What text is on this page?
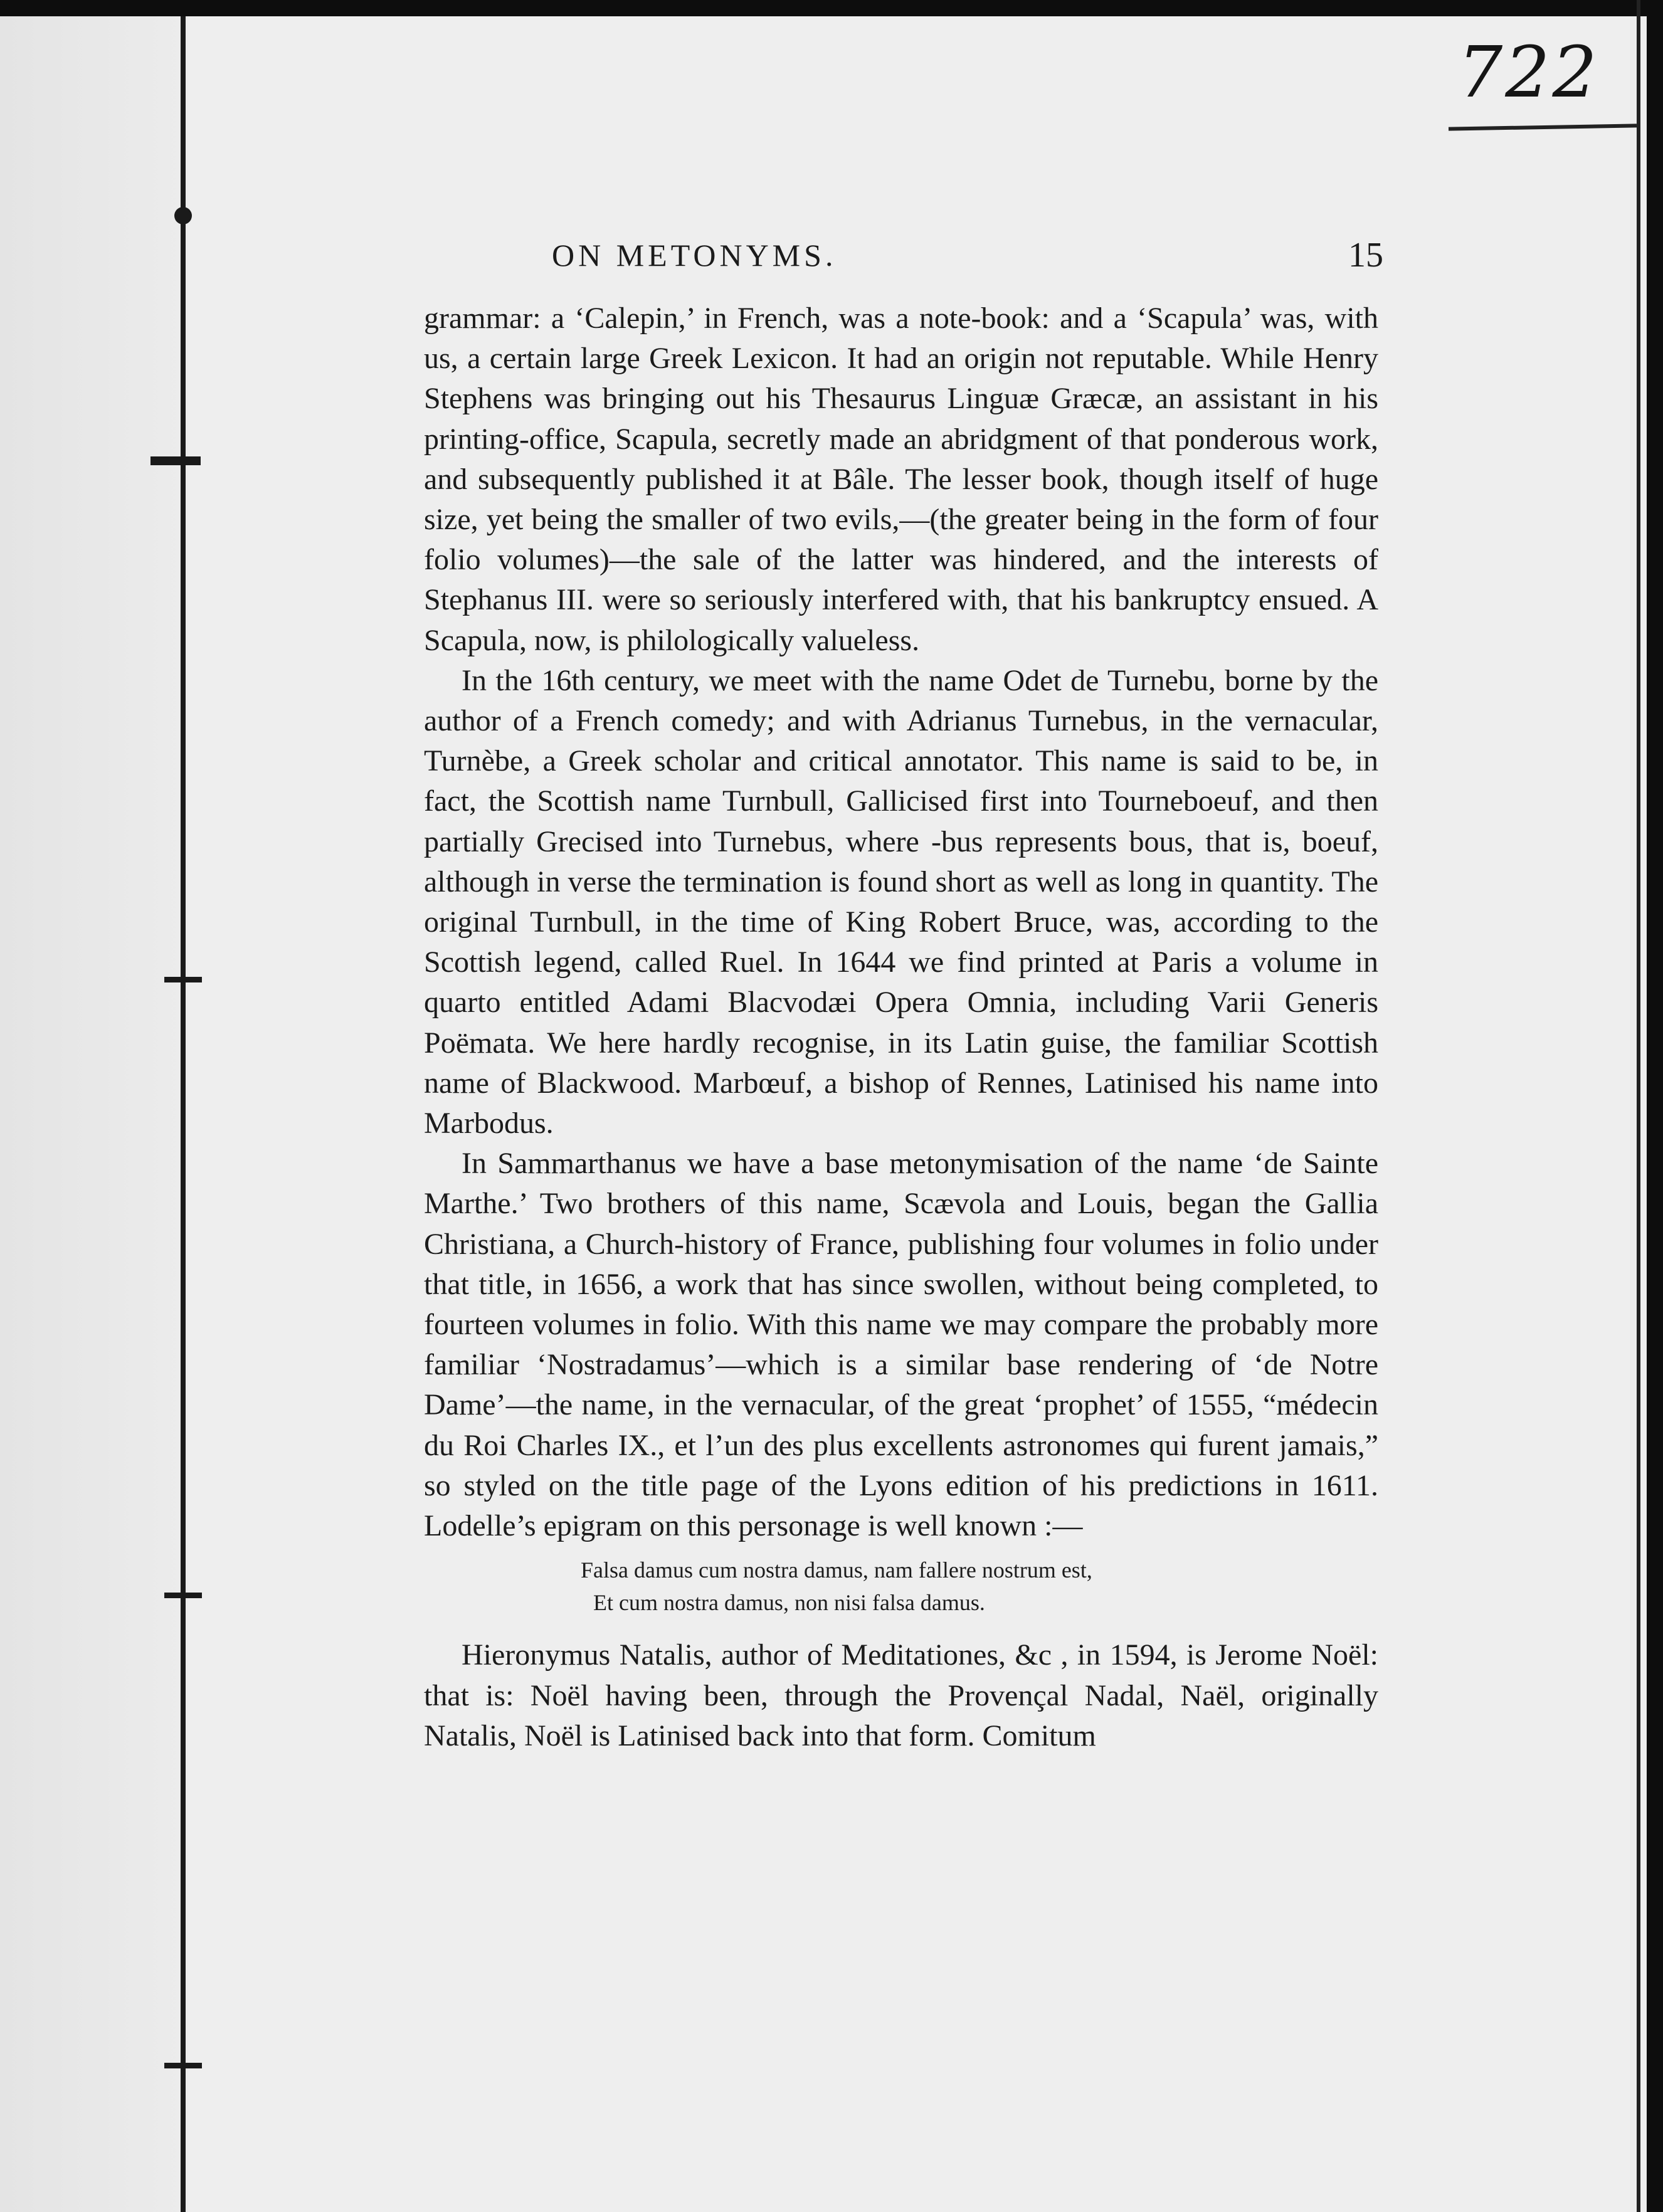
722
ON METONYMS.	15

grammar: a ‘Calepin,’ in French, was a note-book: and a ‘Scapula’ was, with us, a certain large Greek Lexicon. It had an origin not reputable. While Henry Stephens was bringing out his Thesaurus Linguæ Græcæ, an assistant in his printing-office, Scapula, secretly made an abridgment of that ponderous work, and subsequently published it at Bâle. The lesser book, though itself of huge size, yet being the smaller of two evils,—(the greater being in the form of four folio volumes)—the sale of the latter was hindered, and the interests of Stephanus III. were so seriously interfered with, that his bankruptcy ensued. A Scapula, now, is philologically valueless.

In the 16th century, we meet with the name Odet de Turnebu, borne by the author of a French comedy; and with Adrianus Turnebus, in the vernacular, Turnèbe, a Greek scholar and critical annotator. This name is said to be, in fact, the Scottish name Turnbull, Gallicised first into Tourneboeuf, and then partially Grecised into Turnebus, where -bus represents bous, that is, boeuf, although in verse the termination is found short as well as long in quantity. The original Turnbull, in the time of King Robert Bruce, was, according to the Scottish legend, called Ruel. In 1644 we find printed at Paris a volume in quarto entitled Adami Blacvodæi Opera Omnia, including Varii Generis Poëmata. We here hardly recognise, in its Latin guise, the familiar Scottish name of Blackwood. Marbœuf, a bishop of Rennes, Latinised his name into Marbodus.

In Sammarthanus we have a base metonymisation of the name ‘de Sainte Marthe.’ Two brothers of this name, Scævola and Louis, began the Gallia Christiana, a Church-history of France, publishing four volumes in folio under that title, in 1656, a work that has since swollen, without being completed, to fourteen volumes in folio. With this name we may compare the probably more familiar ‘Nostradamus’—which is a similar base rendering of ‘de Notre Dame’—the name, in the vernacular, of the great ‘prophet’ of 1555, “médecin du Roi Charles IX., et l’un des plus excellents astronomes qui furent jamais,” so styled on the title page of the Lyons edition of his predictions in 1611. Lodelle’s epigram on this personage is well known :—

Falsa damus cum nostra damus, nam fallere nostrum est,
Et cum nostra damus, non nisi falsa damus.

Hieronymus Natalis, author of Meditationes, &c , in 1594, is Jerome Noël: that is: Noël having been, through the Provençal Nadal, Naël, originally Natalis, Noël is Latinised back into that form. Comitum
